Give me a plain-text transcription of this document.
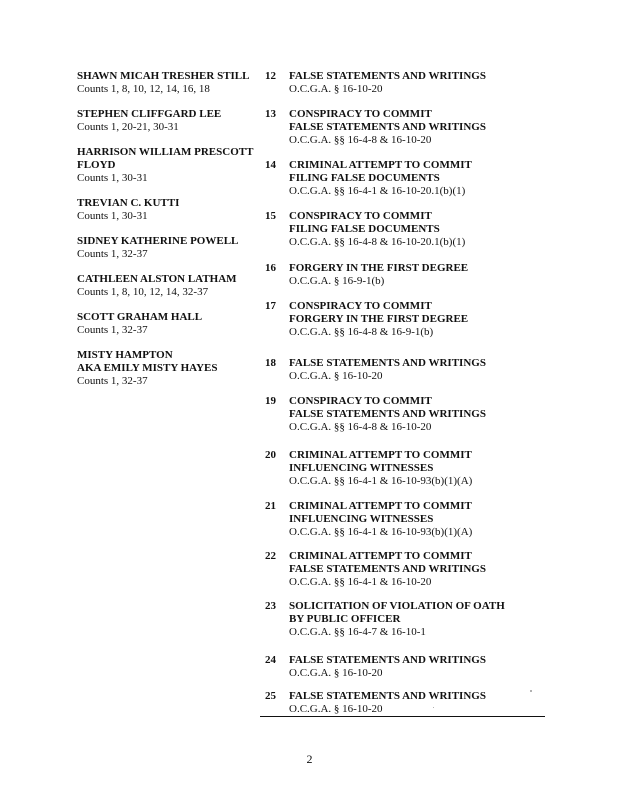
SHAWN MICAH TRESHER STILL
Counts 1, 8, 10, 12, 14, 16, 18
STEPHEN CLIFFGARD LEE
Counts 1, 20-21, 30-31
HARRISON WILLIAM PRESCOTT
FLOYD
Counts 1, 30-31
TREVIAN C. KUTTI
Counts 1, 30-31
SIDNEY KATHERINE POWELL
Counts 1, 32-37
CATHLEEN ALSTON LATHAM
Counts 1, 8, 10, 12, 14, 32-37
SCOTT GRAHAM HALL
Counts 1, 32-37
MISTY HAMPTON
AKA EMILY MISTY HAYES
Counts 1, 32-37
12	FALSE STATEMENTS AND WRITINGS
O.C.G.A. § 16-10-20
13	CONSPIRACY TO COMMIT
FALSE STATEMENTS AND WRITINGS
O.C.G.A. §§ 16-4-8 & 16-10-20
14	CRIMINAL ATTEMPT TO COMMIT
FILING FALSE DOCUMENTS
O.C.G.A. §§ 16-4-1 & 16-10-20.1(b)(1)
15	CONSPIRACY TO COMMIT
FILING FALSE DOCUMENTS
O.C.G.A. §§ 16-4-8 & 16-10-20.1(b)(1)
16	FORGERY IN THE FIRST DEGREE
O.C.G.A. § 16-9-1(b)
17	CONSPIRACY TO COMMIT
FORGERY IN THE FIRST DEGREE
O.C.G.A. §§ 16-4-8 & 16-9-1(b)
18	FALSE STATEMENTS AND WRITINGS
O.C.G.A. § 16-10-20
19	CONSPIRACY TO COMMIT
FALSE STATEMENTS AND WRITINGS
O.C.G.A. §§ 16-4-8 & 16-10-20
20	CRIMINAL ATTEMPT TO COMMIT
INFLUENCING WITNESSES
O.C.G.A. §§ 16-4-1 & 16-10-93(b)(1)(A)
21	CRIMINAL ATTEMPT TO COMMIT
INFLUENCING WITNESSES
O.C.G.A. §§ 16-4-1 & 16-10-93(b)(1)(A)
22	CRIMINAL ATTEMPT TO COMMIT
FALSE STATEMENTS AND WRITINGS
O.C.G.A. §§ 16-4-1 & 16-10-20
23	SOLICITATION OF VIOLATION OF OATH
BY PUBLIC OFFICER
O.C.G.A. §§ 16-4-7 & 16-10-1
24	FALSE STATEMENTS AND WRITINGS
O.C.G.A. § 16-10-20
25	FALSE STATEMENTS AND WRITINGS
O.C.G.A. § 16-10-20
2
